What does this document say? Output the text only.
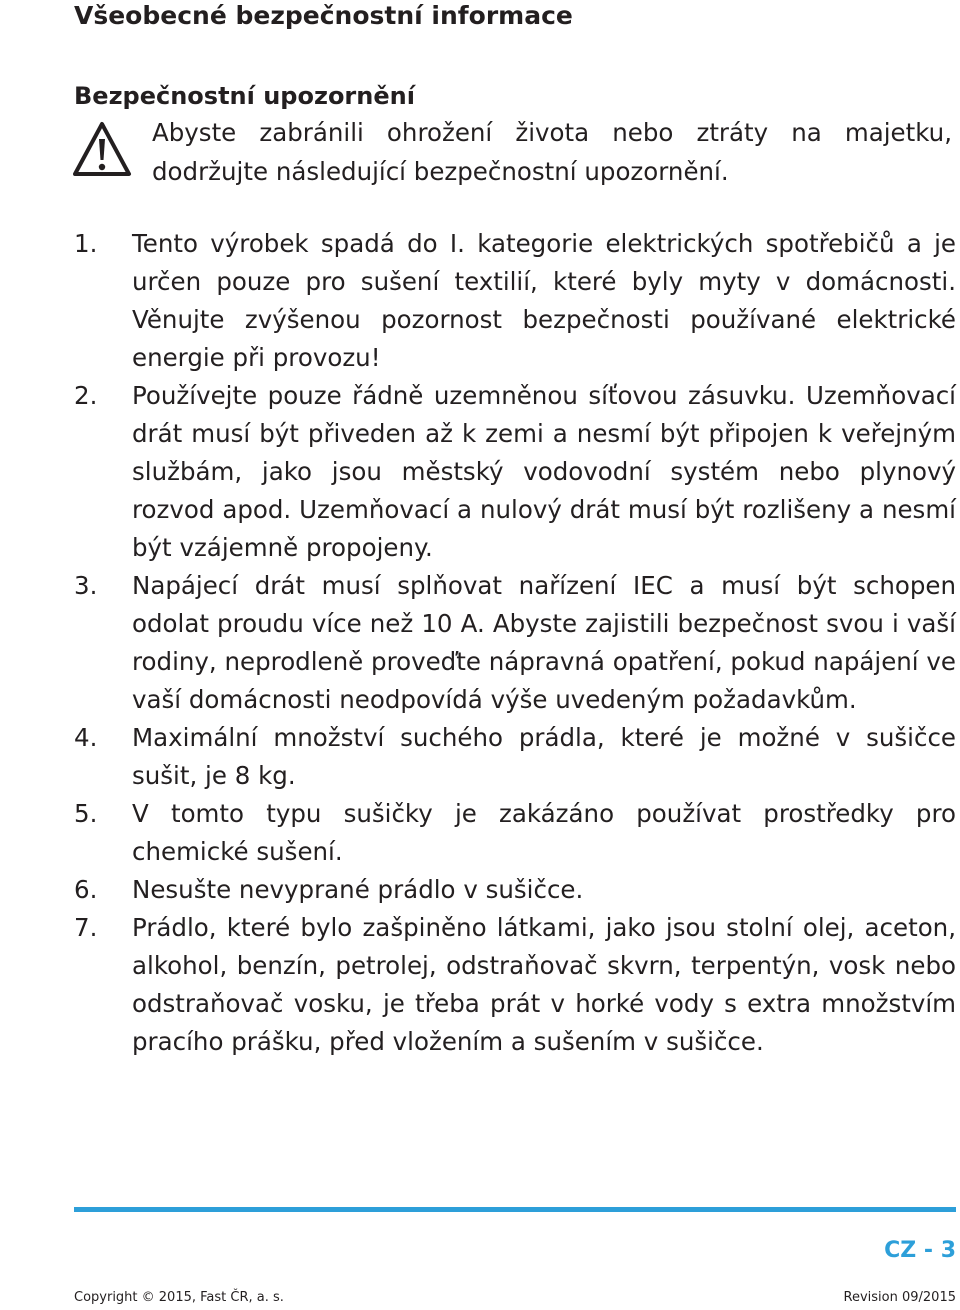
Všeobecné bezpečnostní informace
Bezpečnostní upozornění

Abyste zabránili ohrožení života nebo ztráty na majetku, dodržujte následující bezpečnostní upozornění.

1.	Tento výrobek spadá do I. kategorie elektrických spotřebičů a je určen pouze pro sušení textilií, které byly myty v domácnosti. Věnujte zvýšenou pozornost bezpečnosti používané elektrické energie při provozu!
2.	Používejte pouze řádně uzemněnou síťovou zásuvku. Uzemňovací drát musí být přiveden až k zemi a nesmí být připojen k veřejným službám, jako jsou městský vodovodní systém nebo plynový rozvod apod. Uzemňovací a nulový drát musí být rozlišeny a nesmí být vzájemně propojeny.
3.	Napájecí drát musí splňovat nařízení IEC a musí být schopen odolat proudu více než 10 A. Abyste zajistili bezpečnost svou i vaší rodiny, neprodleně proveďte nápravná opatření, pokud napájení ve vaší domácnosti neodpovídá výše uvedeným požadavkům.
4.	Maximální množství suchého prádla, které je možné v sušičce sušit, je 8 kg.
5.	V tomto typu sušičky je zakázáno používat prostředky pro chemické sušení.
6.	Nesušte nevyprané prádlo v sušičce.
7.	Prádlo, které bylo zašpiněno látkami, jako jsou stolní olej, aceton, alkohol, benzín, petrolej, odstraňovač skvrn, terpentýn, vosk nebo odstraňovač vosku, je třeba prát v horké vody s extra množstvím pracího prášku, před vložením a sušením v sušičce.
CZ - 3
Copyright © 2015, Fast ČR, a. s.	Revision 09/2015
